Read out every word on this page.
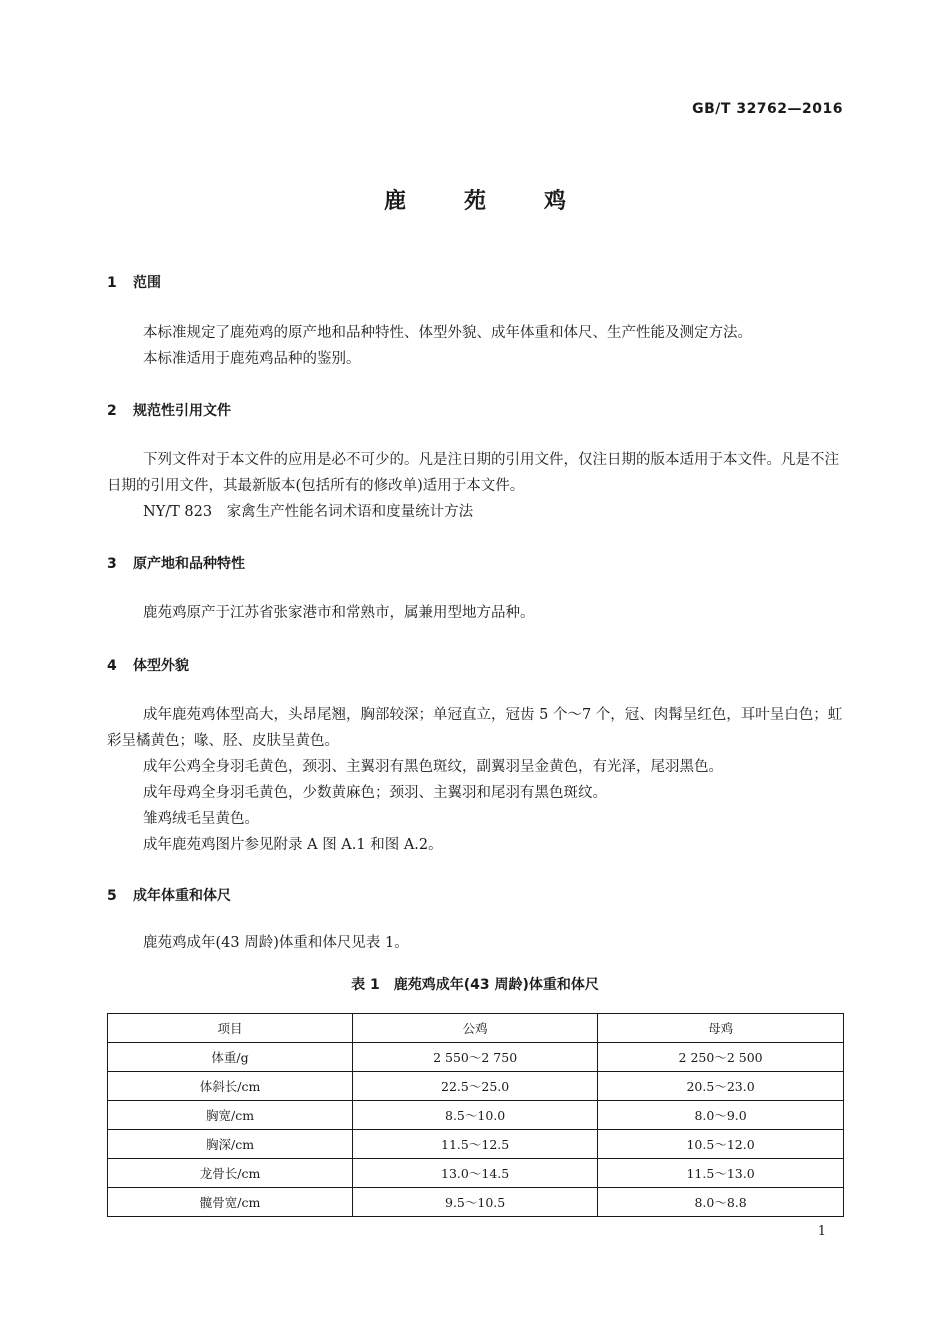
GB/T 32762—2016
鹿苑鸡
1 范围
本标准规定了鹿苑鸡的原产地和品种特性、体型外貌、成年体重和体尺、生产性能及测定方法。
本标准适用于鹿苑鸡品种的鉴别。
2 规范性引用文件
下列文件对于本文件的应用是必不可少的。凡是注日期的引用文件，仅注日期的版本适用于本文件。凡是不注日期的引用文件，其最新版本(包括所有的修改单)适用于本文件。
NY/T 823　家禽生产性能名词术语和度量统计方法
3 原产地和品种特性
鹿苑鸡原产于江苏省张家港市和常熟市，属兼用型地方品种。
4 体型外貌
成年鹿苑鸡体型高大，头昂尾翘，胸部较深；单冠直立，冠齿 5 个～7 个，冠、肉髯呈红色，耳叶呈白色；虹彩呈橘黄色；喙、胫、皮肤呈黄色。
成年公鸡全身羽毛黄色，颈羽、主翼羽有黑色斑纹，副翼羽呈金黄色，有光泽，尾羽黑色。
成年母鸡全身羽毛黄色，少数黄麻色；颈羽、主翼羽和尾羽有黑色斑纹。
雏鸡绒毛呈黄色。
成年鹿苑鸡图片参见附录 A 图 A.1 和图 A.2。
5 成年体重和体尺
鹿苑鸡成年(43 周龄)体重和体尺见表 1。
表 1　鹿苑鸡成年(43 周龄)体重和体尺
项目	公鸡	母鸡
体重/g	2 550～2 750	2 250～2 500
体斜长/cm	22.5～25.0	20.5～23.0
胸宽/cm	8.5～10.0	8.0～9.0
胸深/cm	11.5～12.5	10.5～12.0
龙骨长/cm	13.0～14.5	11.5～13.0
髋骨宽/cm	9.5～10.5	8.0～8.8
1
